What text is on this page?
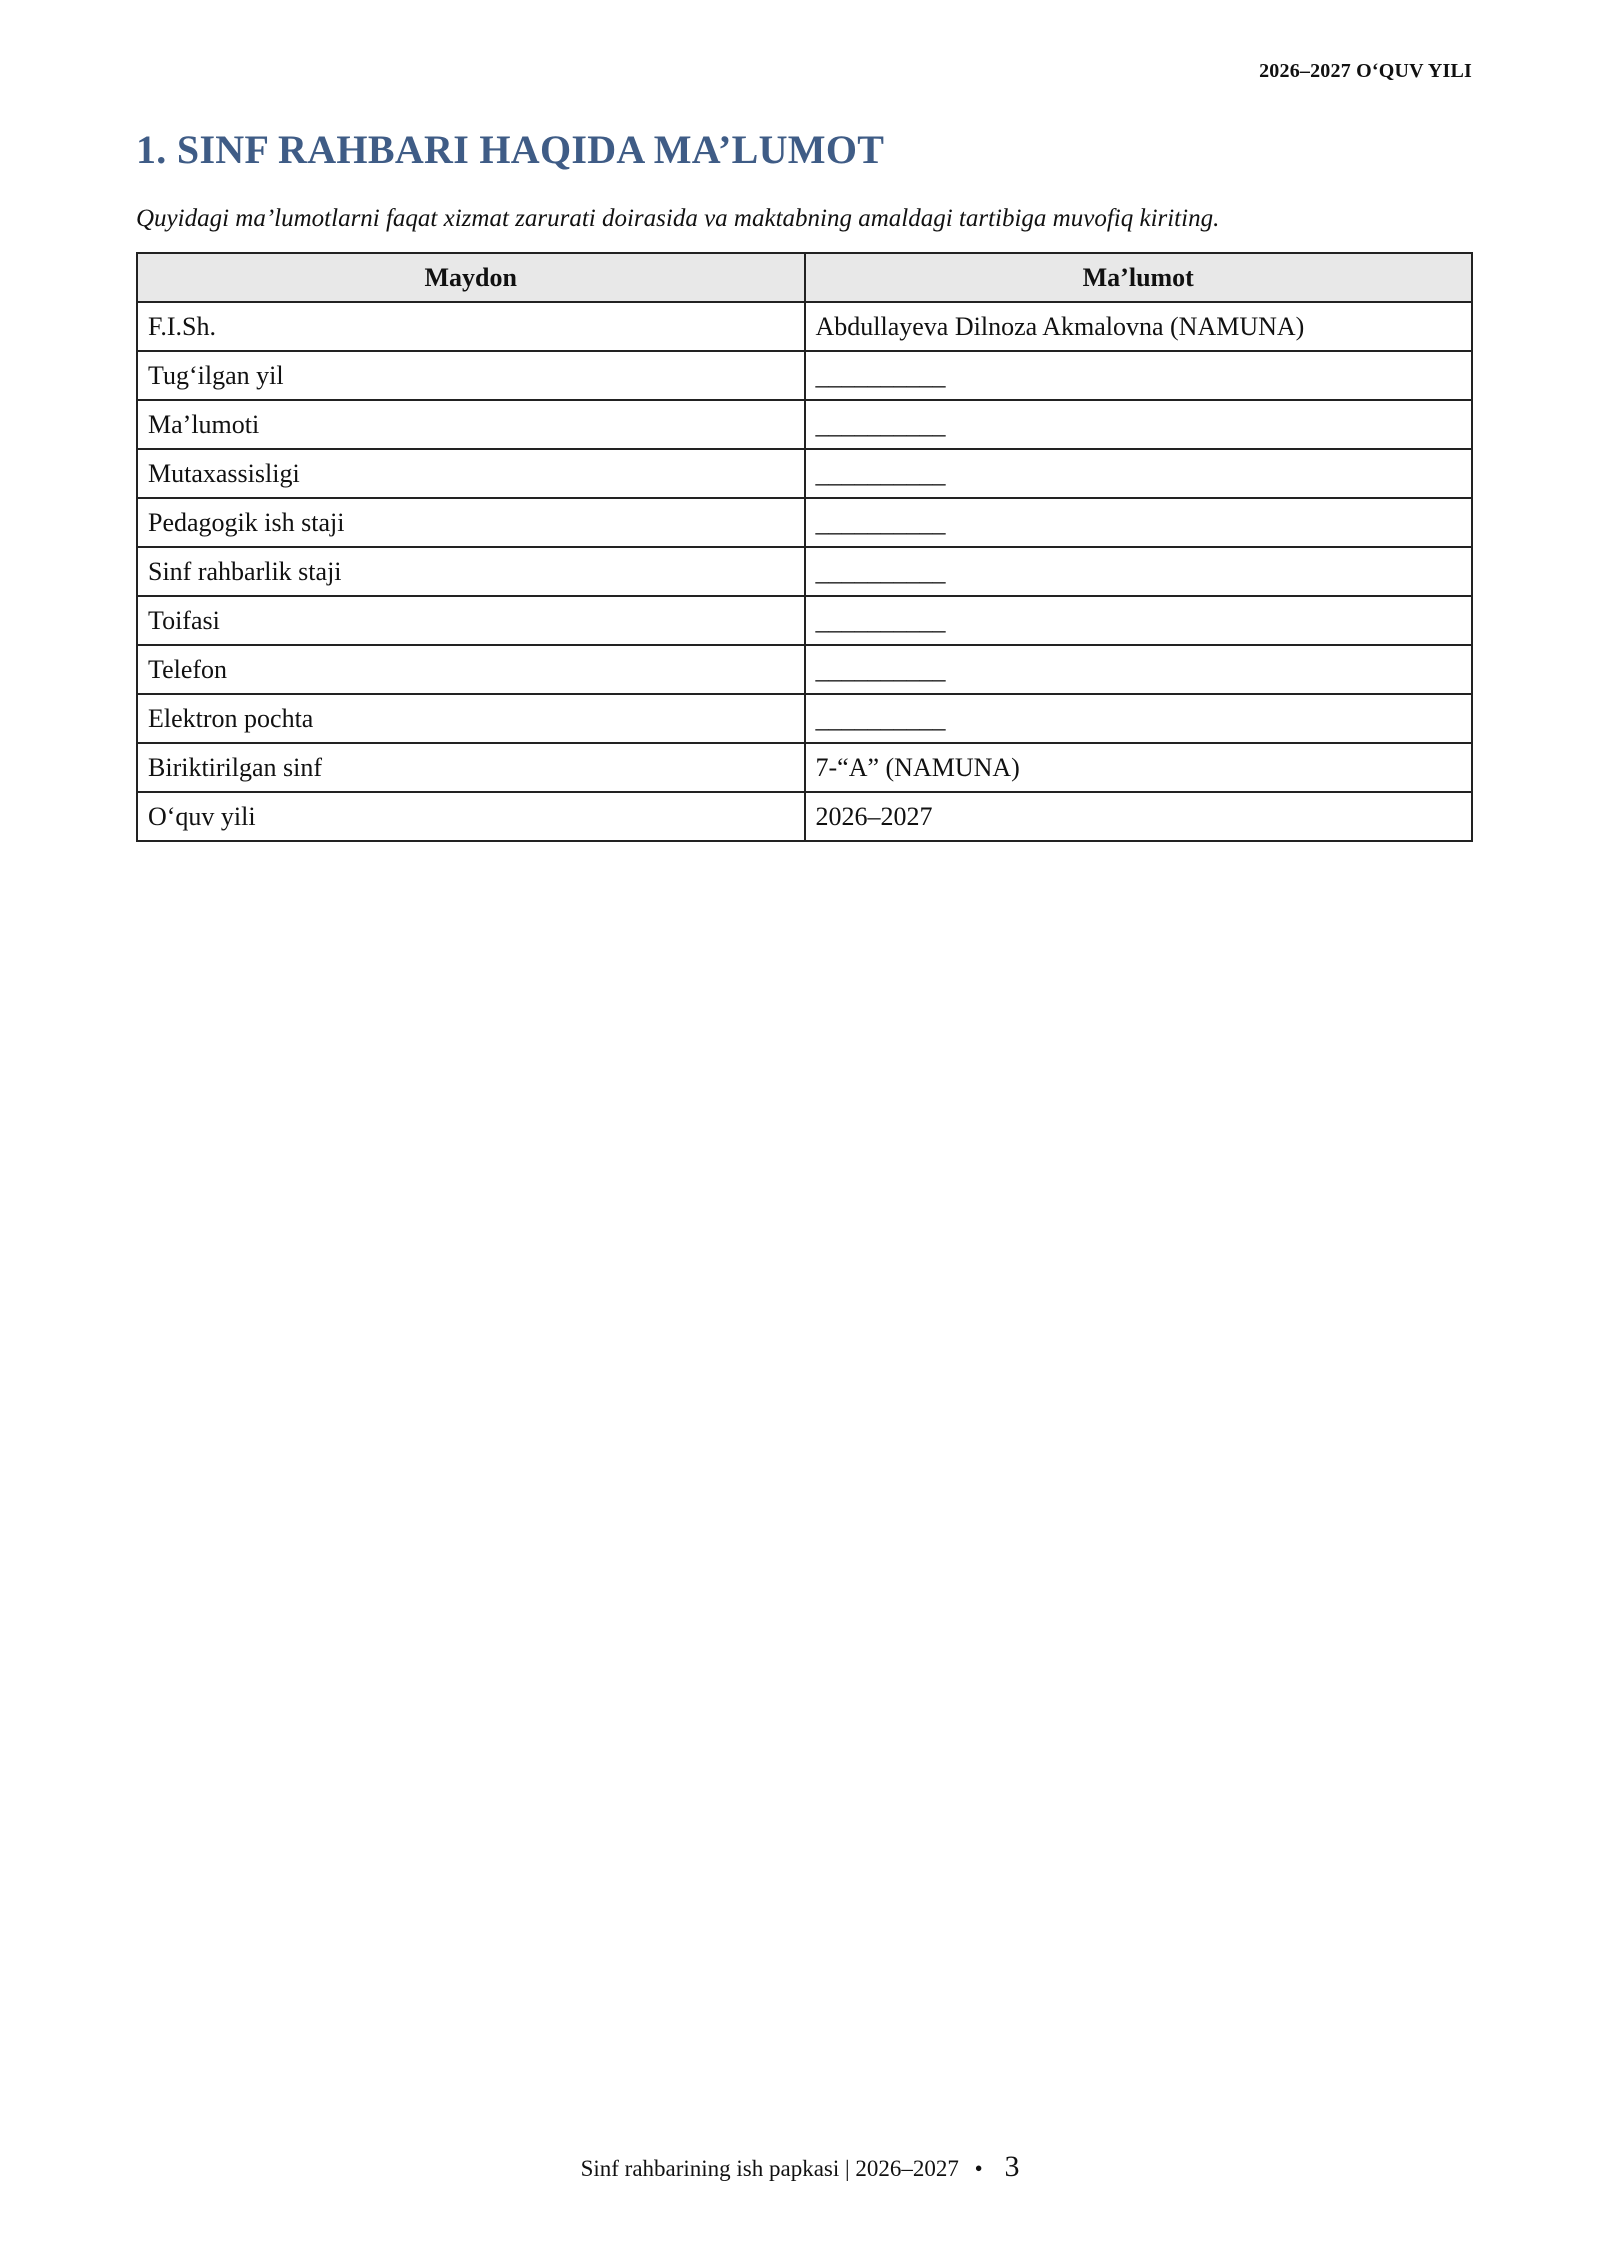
2026–2027 O‘QUV YILI
1. SINF RAHBARI HAQIDA MA’LUMOT

Quyidagi ma’lumotlarni faqat xizmat zarurati doirasida va maktabning amaldagi tartibiga muvofiq kiriting.

Maydon	Ma’lumot
F.I.Sh.	Abdullayeva Dilnoza Akmalovna (NAMUNA)
Tug‘ilgan yil	__________
Ma’lumoti	__________
Mutaxassisligi	__________
Pedagogik ish staji	__________
Sinf rahbarlik staji	__________
Toifasi	__________
Telefon	__________
Elektron pochta	__________
Biriktirilgan sinf	7-“A” (NAMUNA)
O‘quv yili	2026–2027
Sinf rahbarining ish papkasi | 2026–2027 • 3
